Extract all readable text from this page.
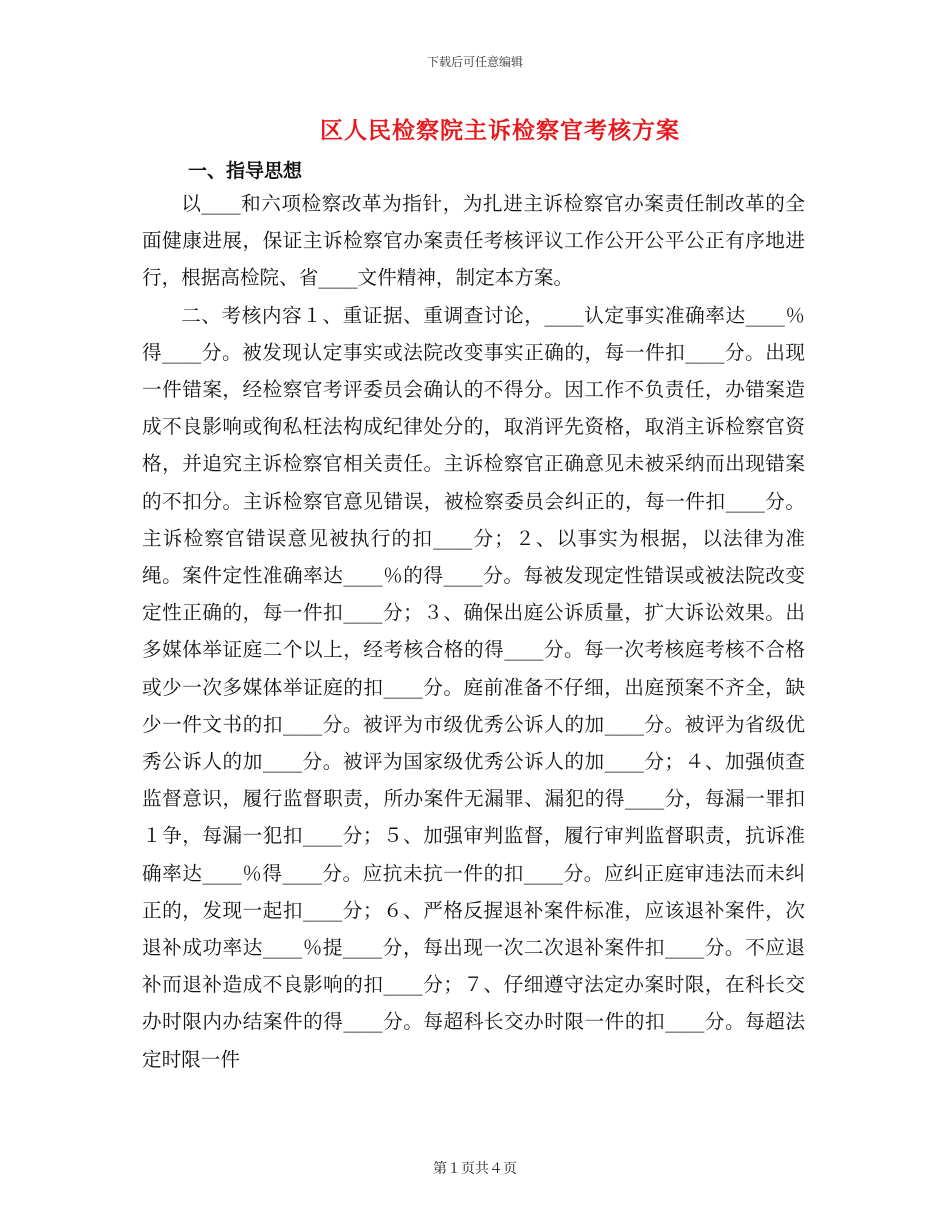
下载后可任意编辑
区人民检察院主诉检察官考核方案
一、指导思想

以____和六项检察改革为指针，为扎进主诉检察官办案责任制改革的全面健康进展，保证主诉检察官办案责任考核评议工作公开公平公正有序地进行，根据高检院、省____文件精神，制定本方案。

二、考核内容１、重证据、重调查讨论，____认定事实准确率达____％得____分。被发现认定事实或法院改变事实正确的，每一件扣____分。出现一件错案，经检察官考评委员会确认的不得分。因工作不负责任，办错案造成不良影响或徇私枉法构成纪律处分的，取消评先资格，取消主诉检察官资格，并追究主诉检察官相关责任。主诉检察官正确意见未被采纳而出现错案的不扣分。主诉检察官意见错误，被检察委员会纠正的，每一件扣____分。主诉检察官错误意见被执行的扣____分；２、以事实为根据，以法律为准绳。案件定性准确率达____％的得____分。每被发现定性错误或被法院改变定性正确的，每一件扣____分；３、确保出庭公诉质量，扩大诉讼效果。出多媒体举证庭二个以上，经考核合格的得____分。每一次考核庭考核不合格或少一次多媒体举证庭的扣____分。庭前准备不仔细，出庭预案不齐全，缺少一件文书的扣____分。被评为市级优秀公诉人的加____分。被评为省级优秀公诉人的加____分。被评为国家级优秀公诉人的加____分；４、加强侦查监督意识，履行监督职责，所办案件无漏罪、漏犯的得____分，每漏一罪扣１争，每漏一犯扣____分；５、加强审判监督，履行审判监督职责，抗诉准确率达____％得____分。应抗未抗一件的扣____分。应纠正庭审违法而未纠正的，发现一起扣____分；６、严格反握退补案件标准，应该退补案件，次退补成功率达____％提____分，每出现一次二次退补案件扣____分。不应退补而退补造成不良影响的扣____分；７、仔细遵守法定办案时限，在科长交办时限内办结案件的得____分。每超科长交办时限一件的扣____分。每超法定时限一件

第１页共４页
